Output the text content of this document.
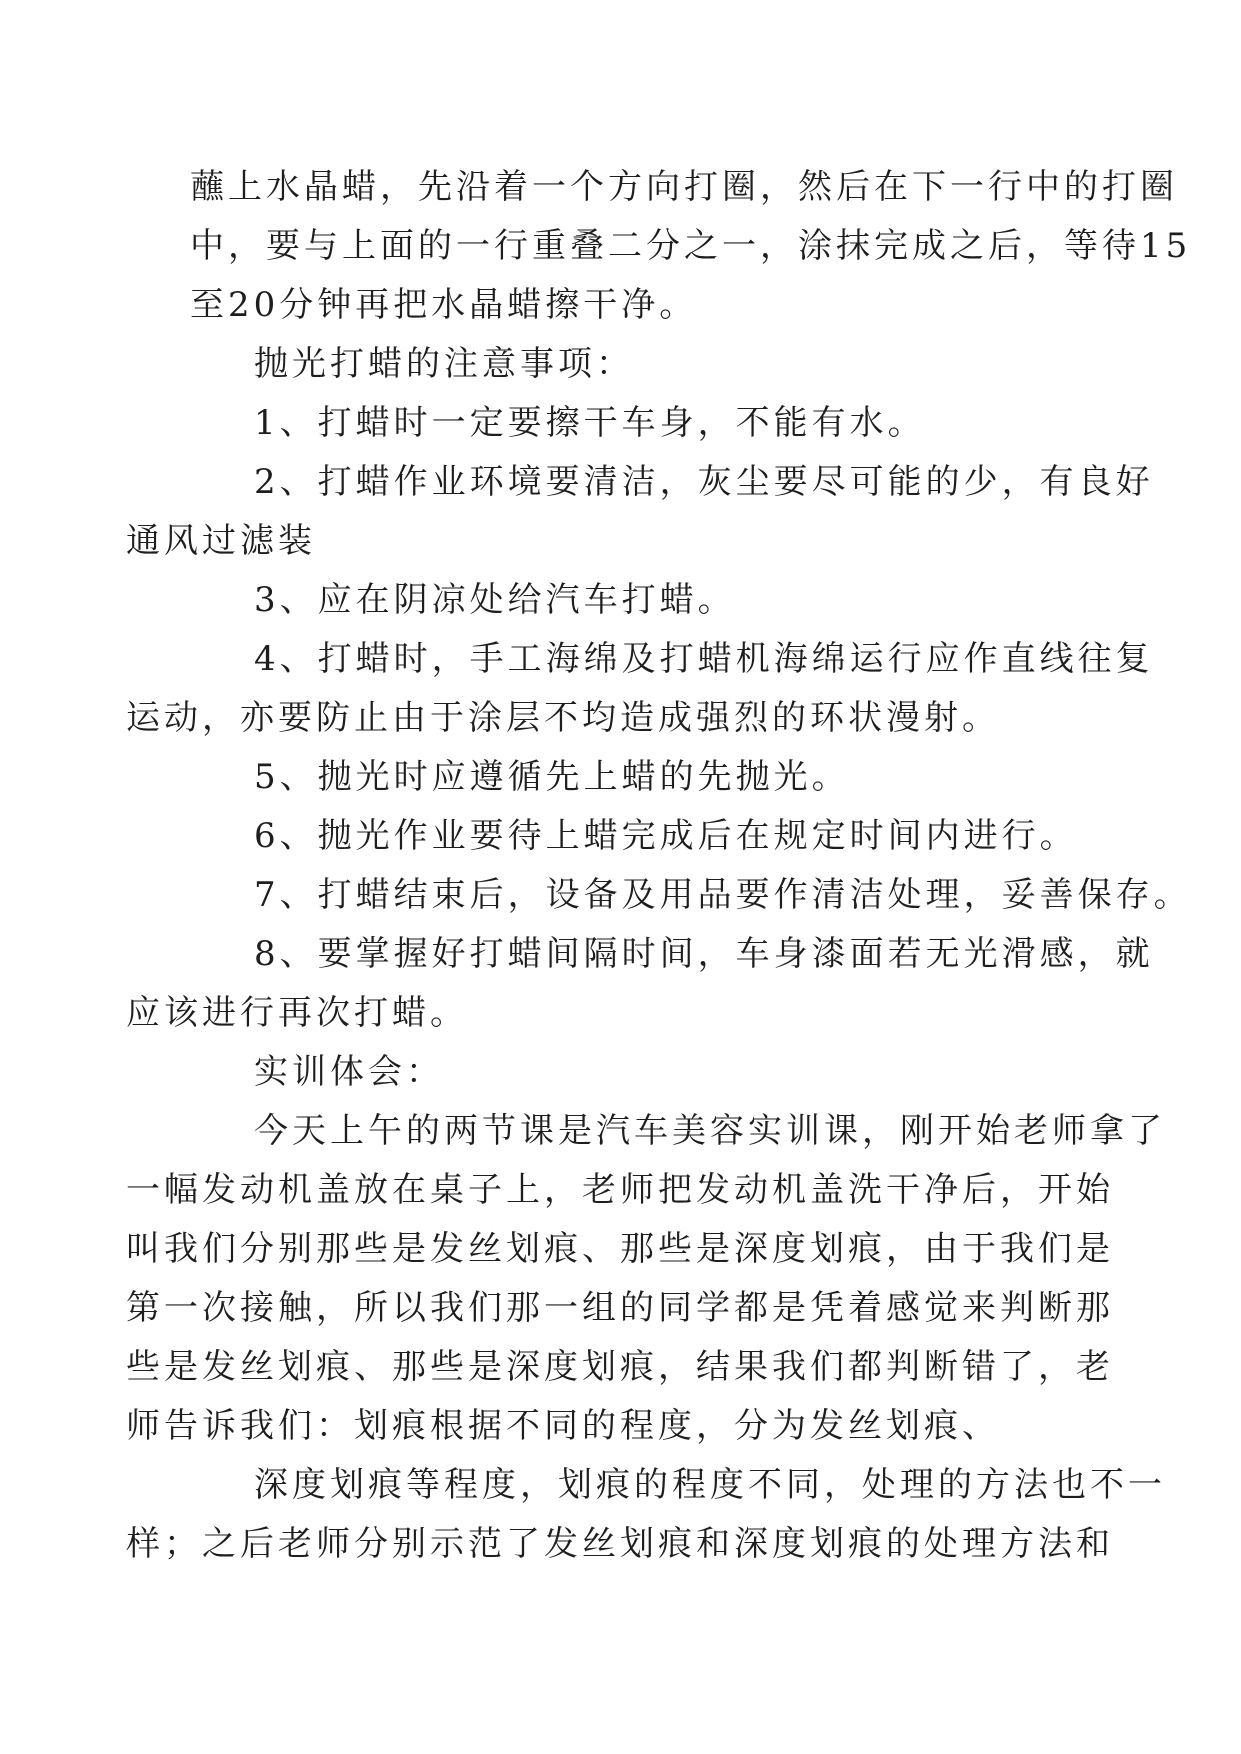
蘸上水晶蜡，先沿着一个方向打圈，然后在下一行中的打圈
中，要与上面的一行重叠二分之一，涂抹完成之后，等待15
至20分钟再把水晶蜡擦干净。

抛光打蜡的注意事项：

1、打蜡时一定要擦干车身，不能有水。

2、打蜡作业环境要清洁，灰尘要尽可能的少，有良好
通风过滤装

3、应在阴凉处给汽车打蜡。

4、打蜡时，手工海绵及打蜡机海绵运行应作直线往复
运动，亦要防止由于涂层不均造成强烈的环状漫射。

5、抛光时应遵循先上蜡的先抛光。

6、抛光作业要待上蜡完成后在规定时间内进行。

7、打蜡结束后，设备及用品要作清洁处理，妥善保存。

8、要掌握好打蜡间隔时间，车身漆面若无光滑感，就
应该进行再次打蜡。

实训体会：

今天上午的两节课是汽车美容实训课，刚开始老师拿了
一幅发动机盖放在桌子上，老师把发动机盖洗干净后，开始
叫我们分别那些是发丝划痕、那些是深度划痕，由于我们是
第一次接触，所以我们那一组的同学都是凭着感觉来判断那
些是发丝划痕、那些是深度划痕，结果我们都判断错了，老
师告诉我们：划痕根据不同的程度，分为发丝划痕、

深度划痕等程度，划痕的程度不同，处理的方法也不一
样；之后老师分别示范了发丝划痕和深度划痕的处理方法和
